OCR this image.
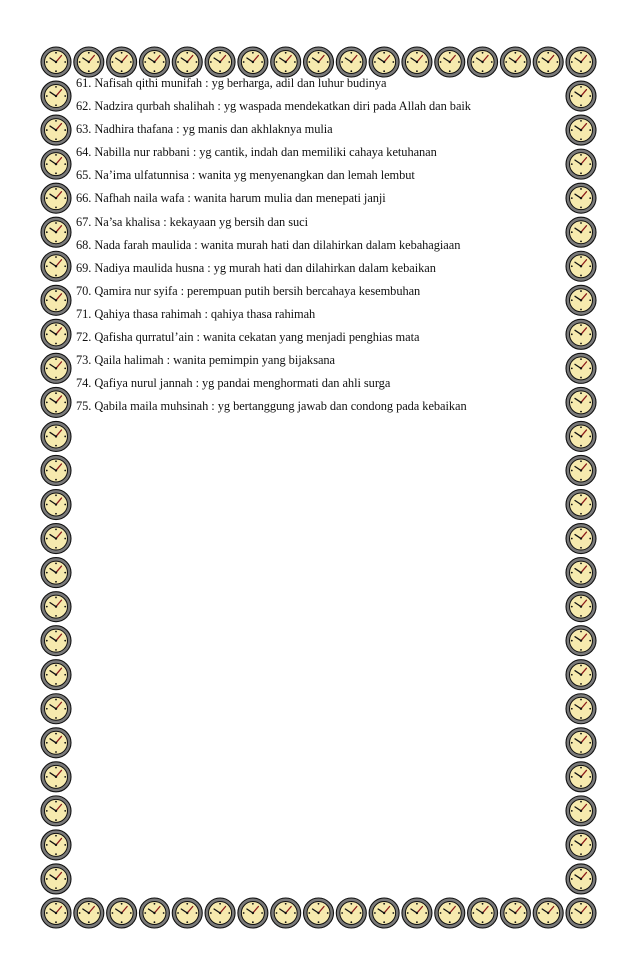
61. Nafisah qithi munifah : yg berharga, adil dan luhur budinya
62. Nadzira qurbah shalihah : yg waspada mendekatkan diri pada Allah dan baik
63. Nadhira thafana : yg manis dan akhlaknya mulia
64. Nabilla nur rabbani : yg cantik, indah dan memiliki cahaya ketuhanan
65. Na’ima ulfatunnisa : wanita yg menyenangkan dan lemah lembut
66. Nafhah naila wafa : wanita harum mulia dan menepati janji
67. Na’sa khalisa : kekayaan yg bersih dan suci
68. Nada farah maulida : wanita murah hati dan dilahirkan dalam kebahagiaan
69. Nadiya maulida husna : yg murah hati dan dilahirkan dalam kebaikan
70. Qamira nur syifa : perempuan putih bersih bercahaya kesembuhan
71. Qahiya thasa rahimah : qahiya thasa rahimah
72. Qafisha qurratul’ain : wanita cekatan yang menjadi penghias mata
73. Qaila halimah : wanita pemimpin yang bijaksana
74. Qafiya nurul jannah : yg pandai menghormati dan ahli surga
75. Qabila maila muhsinah : yg bertanggung jawab dan condong pada kebaikan
